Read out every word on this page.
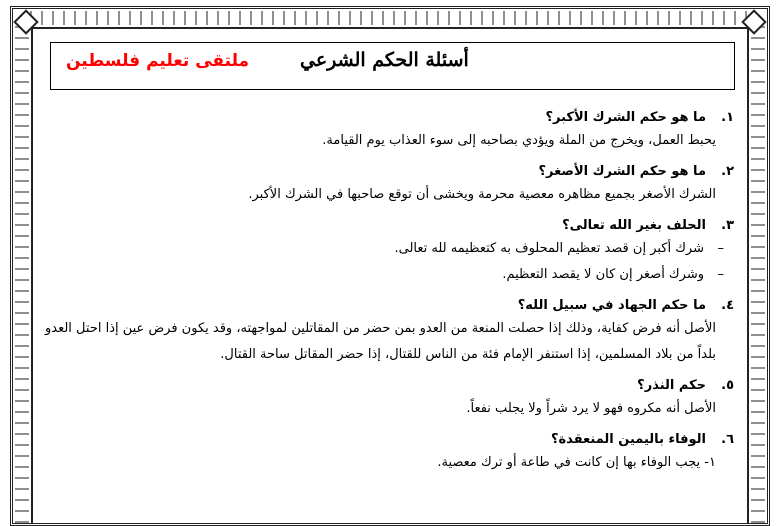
أسئلة الحكم الشرعي
ملتقى تعليم فلسطين
١.
ما هو حكم الشرك الأكبر؟
يحبط العمل، ويخرج من الملة ويؤدي بصاحبه إلى سوء العذاب يوم القيامة.
٢.
ما هو حكم الشرك الأصغر؟
الشرك الأصغر بجميع مظاهره معصية محرمة ويخشى أن توقع صاحبها في الشرك الأكبر.
٣.
الحلف بغير الله تعالى؟
– شرك أكبر إن قصد تعظيم المحلوف به كتعظيمه لله تعالى.
– وشرك أصغر إن كان لا يقصد التعظيم.
٤.
ما حكم الجهاد في سبيل الله؟
الأصل أنه فرض كفاية، وذلك إذا حصلت المنعة من العدو بمن حضر من المقاتلين لمواجهته، وقد يكون فرض عين إذا احتل العدو بلداً من بلاد المسلمين، إذا استنفر الإمام فئة من الناس للقتال، إذا حضر المقاتل ساحة القتال.
٥.
حكم النذر؟
الأصل أنه مكروه فهو لا يرد شراً ولا يجلب نفعاً.
٦.
الوفاء باليمين المنعقدة؟
١- يجب الوفاء بها إن كانت في طاعة أو ترك معصية.
